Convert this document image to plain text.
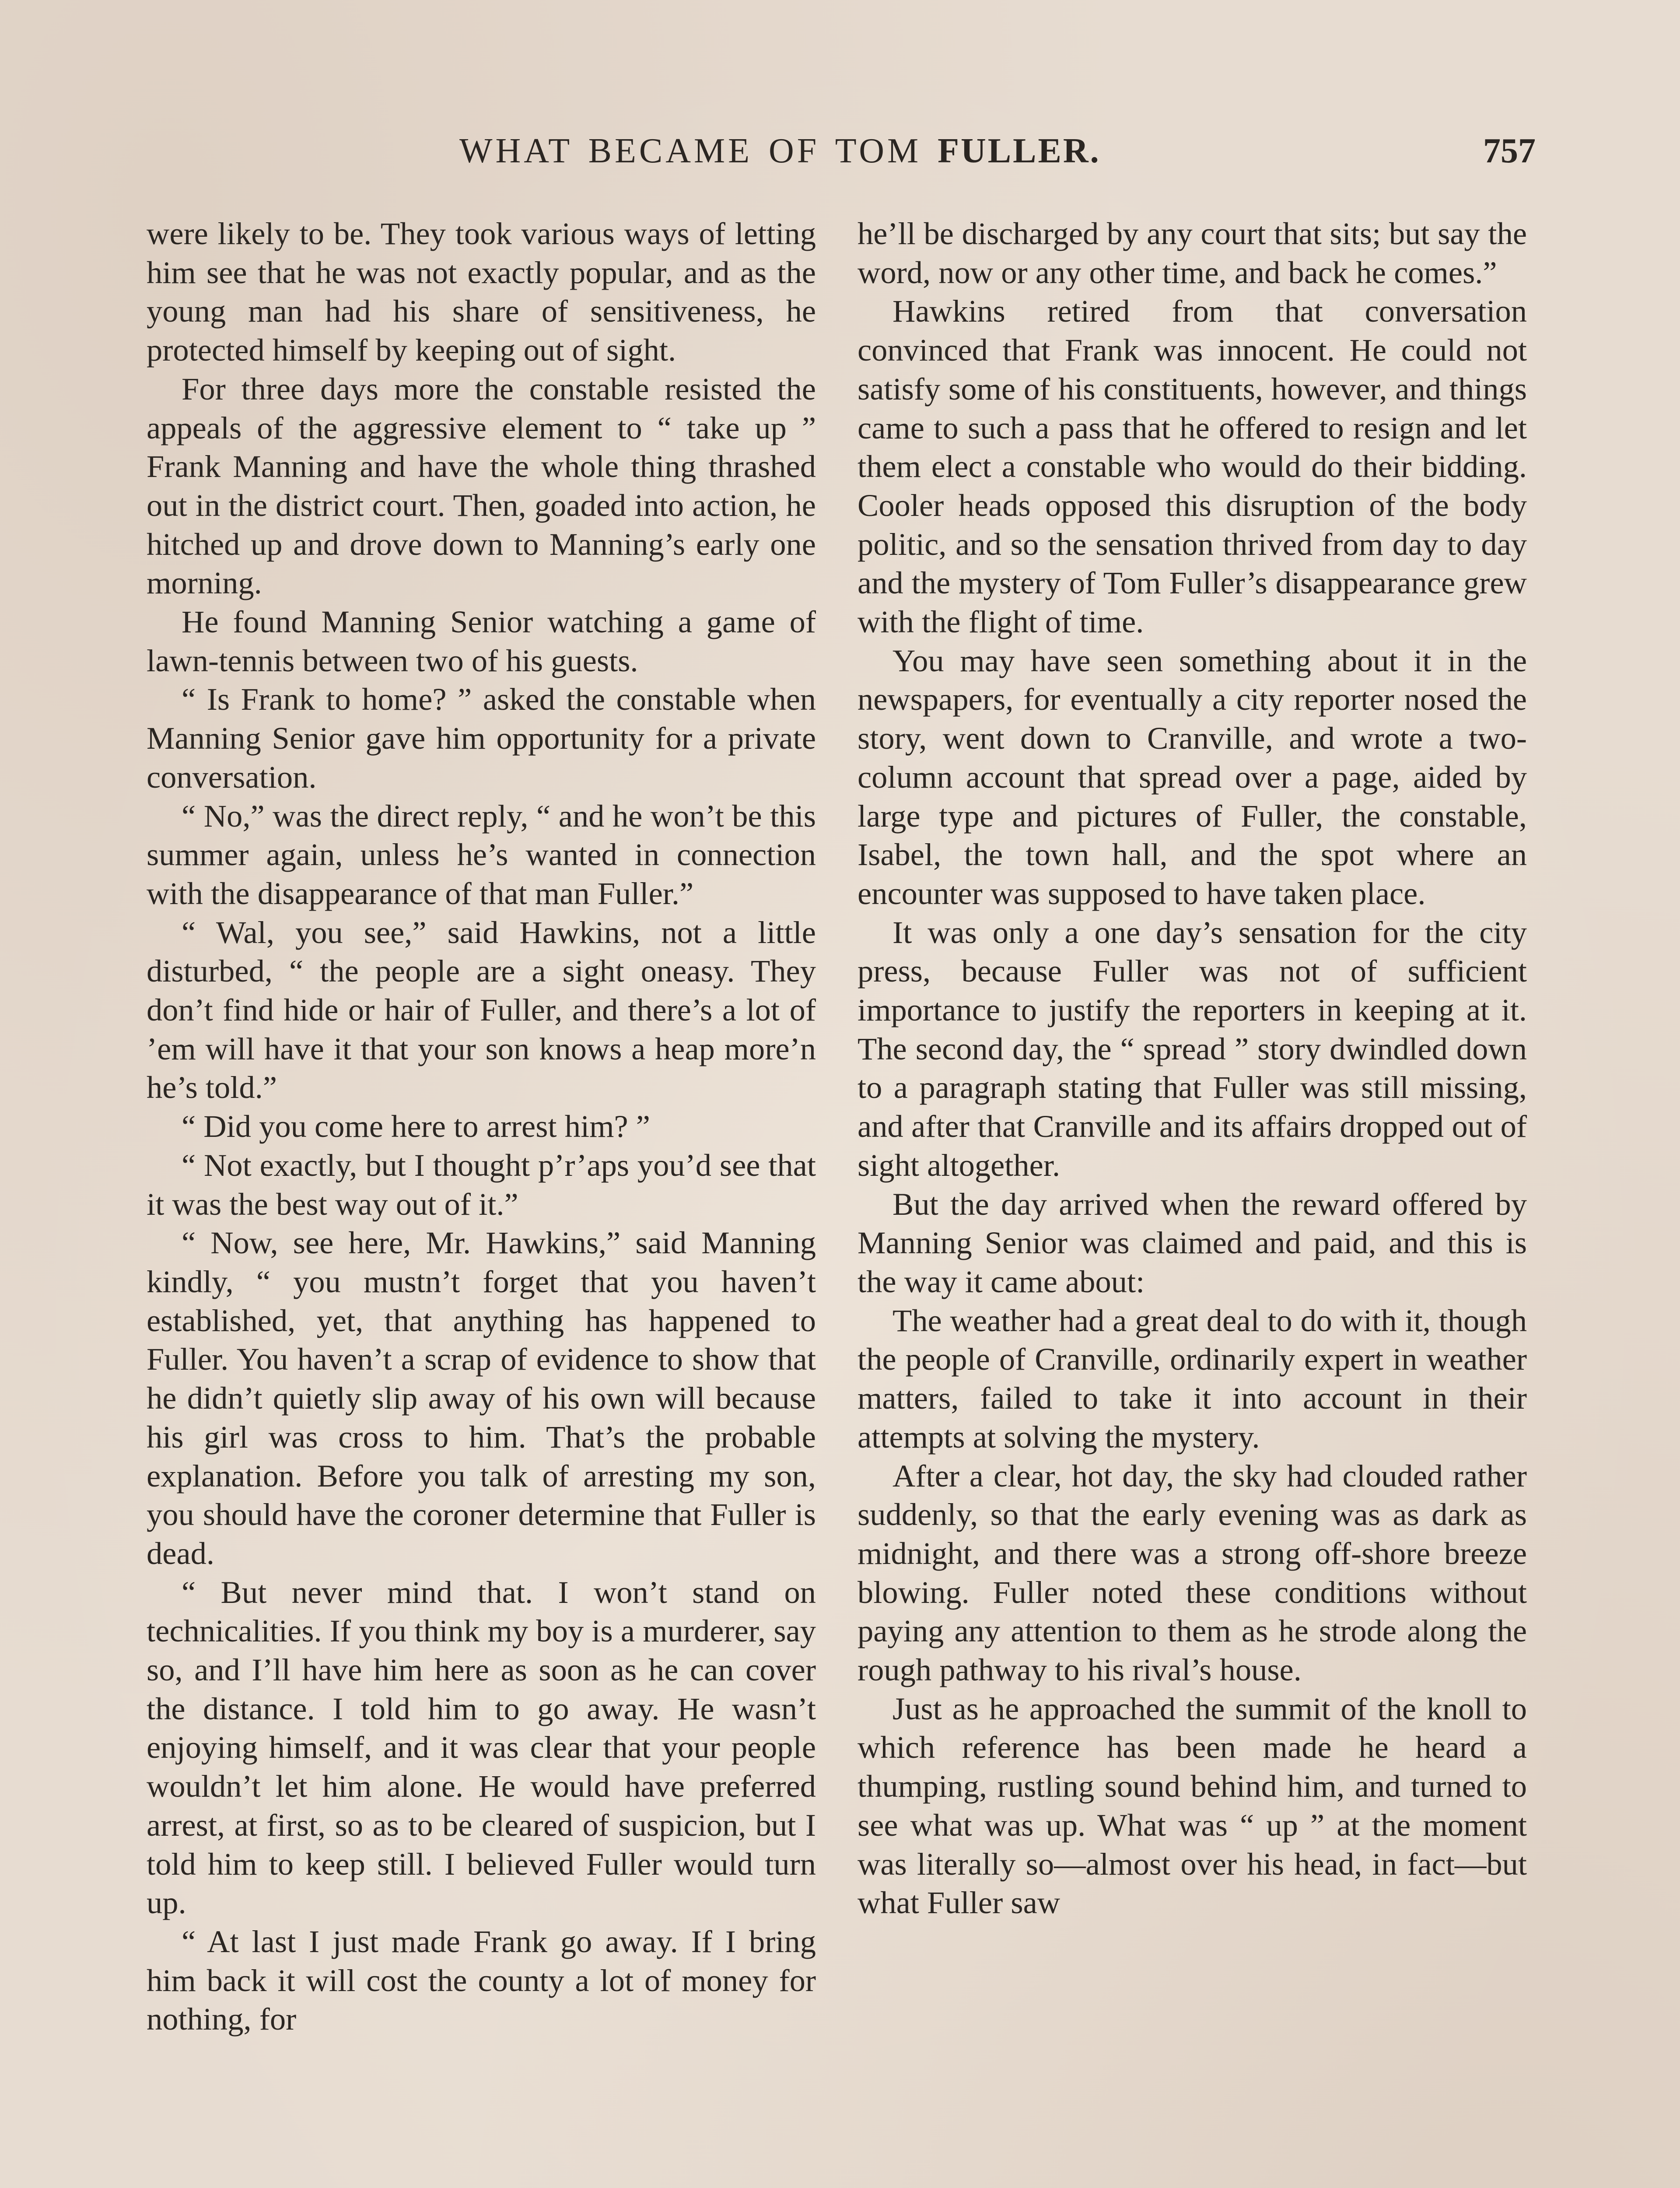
WHAT BECAME OF TOM FULLER.	757

were likely to be. They took various ways of letting him see that he was not exactly popular, and as the young man had his share of sensitiveness, he protected himself by keeping out of sight.

For three days more the constable resisted the appeals of the aggressive element to “ take up ” Frank Manning and have the whole thing thrashed out in the district court. Then, goaded into action, he hitched up and drove down to Manning’s early one morning.

He found Manning Senior watching a game of lawn-tennis between two of his guests.

“ Is Frank to home? ” asked the constable when Manning Senior gave him opportunity for a private conversation.

“ No,” was the direct reply, “ and he won’t be this summer again, unless he’s wanted in connection with the disappearance of that man Fuller.”

“ Wal, you see,” said Hawkins, not a little disturbed, “ the people are a sight oneasy. They don’t find hide or hair of Fuller, and there’s a lot of ’em will have it that your son knows a heap more’n he’s told.”

“ Did you come here to arrest him? ”

“ Not exactly, but I thought p’r’aps you’d see that it was the best way out of it.”

“ Now, see here, Mr. Hawkins,” said Manning kindly, “ you mustn’t forget that you haven’t established, yet, that anything has happened to Fuller. You haven’t a scrap of evidence to show that he didn’t quietly slip away of his own will because his girl was cross to him. That’s the probable explanation. Before you talk of arresting my son, you should have the coroner determine that Fuller is dead.

“ But never mind that. I won’t stand on technicalities. If you think my boy is a murderer, say so, and I’ll have him here as soon as he can cover the distance. I told him to go away. He wasn’t enjoying himself, and it was clear that your people wouldn’t let him alone. He would have preferred arrest, at first, so as to be cleared of suspicion, but I told him to keep still. I believed Fuller would turn up.

“ At last I just made Frank go away. If I bring him back it will cost the county a lot of money for nothing, for

he’ll be discharged by any court that sits; but say the word, now or any other time, and back he comes.”

Hawkins retired from that conversation convinced that Frank was innocent. He could not satisfy some of his constituents, however, and things came to such a pass that he offered to resign and let them elect a constable who would do their bidding. Cooler heads opposed this disruption of the body politic, and so the sensation thrived from day to day and the mystery of Tom Fuller’s disappearance grew with the flight of time.

You may have seen something about it in the newspapers, for eventually a city reporter nosed the story, went down to Cranville, and wrote a two-column account that spread over a page, aided by large type and pictures of Fuller, the constable, Isabel, the town hall, and the spot where an encounter was supposed to have taken place.

It was only a one day’s sensation for the city press, because Fuller was not of sufficient importance to justify the reporters in keeping at it. The second day, the “ spread ” story dwindled down to a paragraph stating that Fuller was still missing, and after that Cranville and its affairs dropped out of sight altogether.

But the day arrived when the reward offered by Manning Senior was claimed and paid, and this is the way it came about:

The weather had a great deal to do with it, though the people of Cranville, ordinarily expert in weather matters, failed to take it into account in their attempts at solving the mystery.

After a clear, hot day, the sky had clouded rather suddenly, so that the early evening was as dark as midnight, and there was a strong off-shore breeze blowing. Fuller noted these conditions without paying any attention to them as he strode along the rough pathway to his rival’s house.

Just as he approached the summit of the knoll to which reference has been made he heard a thumping, rustling sound behind him, and turned to see what was up. What was “ up ” at the moment was literally so—almost over his head, in fact—but what Fuller saw
